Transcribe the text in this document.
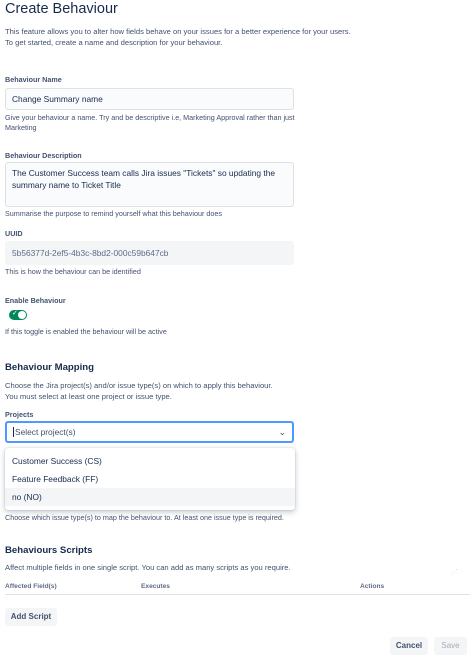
Create Behaviour
This feature allows you to alter how fields behave on your issues for a better experience for your users.
To get started, create a name and description for your behaviour.
Behaviour Name
Change Summary name
Give your behaviour a name. Try and be descriptive i.e, Marketing Approval rather than just Marketing
Behaviour Description
The Customer Success team calls Jira issues "Tickets" so updating the summary name to Ticket Title
Summarise the purpose to remind yourself what this behaviour does
UUID
5b56377d-2ef5-4b3c-8bd2-000c59b647cb
This is how the behaviour can be identified
Enable Behaviour
✓
If this toggle is enabled the behaviour will be active
Behaviour Mapping
Choose the Jira project(s) and/or issue type(s) on which to apply this behaviour.
You must select at least one project or issue type.
Projects
Select project(s)	⌄
Customer Success (CS)
Feature Feedback (FF)
no (NO)
Choose which issue type(s) to map the behaviour to. At least one issue type is required.
Behaviours Scripts
Affect multiple fields in one single script. You can add as many scripts as you require.
⋰
Affected Field(s)	Executes	Actions
Add Script
Cancel	Save
